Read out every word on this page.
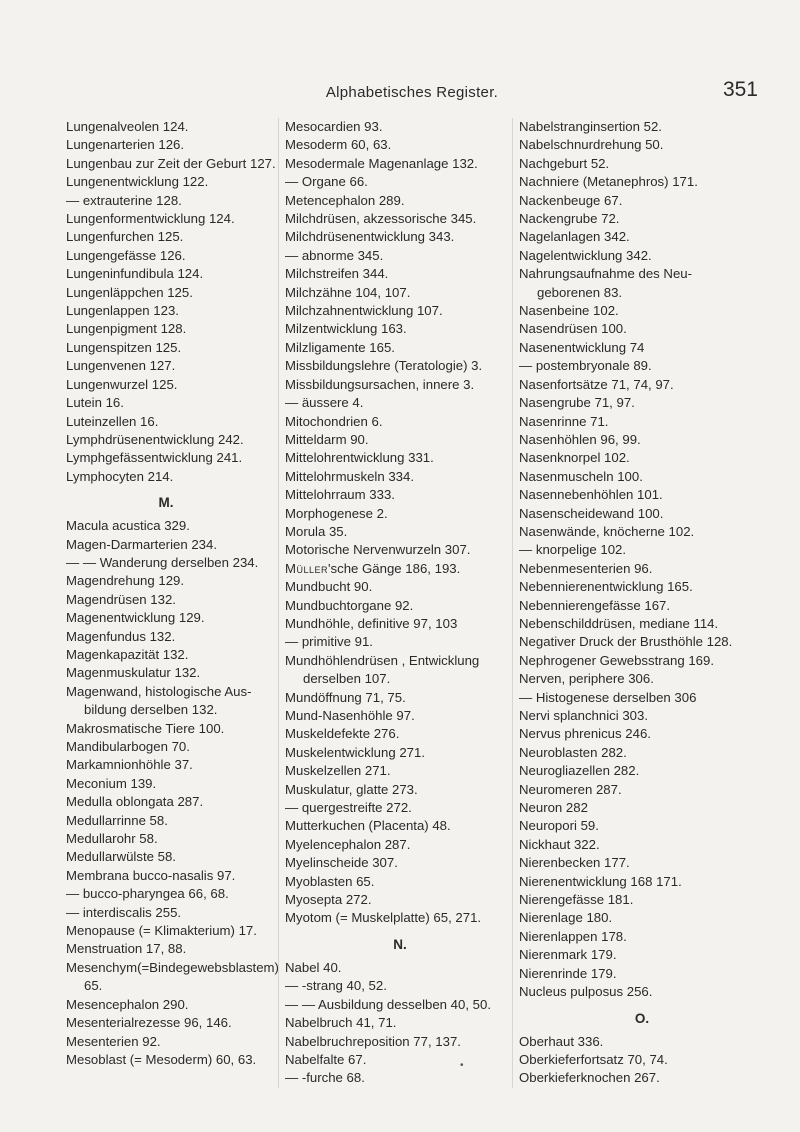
Alphabetisches Register.	351
Lungenalveolen 124.
Lungenarterien 126.
Lungenbau zur Zeit der Geburt 127.
Lungenentwicklung 122.
— extrauterine 128.
Lungenformentwicklung 124.
Lungenfurchen 125.
Lungengefässe 126.
Lungeninfundibula 124.
Lungenläppchen 125.
Lungenlappen 123.
Lungenpigment 128.
Lungenspitzen 125.
Lungenvenen 127.
Lungenwurzel 125.
Lutein 16.
Luteinzellen 16.
Lymphdrüsenentwicklung 242.
Lymphgefässentwicklung 241.
Lymphocyten 214.
M.
Macula acustica 329.
Magen-Darmarterien 234.
— — Wanderung derselben 234.
Magendrehung 129.
Magendrüsen 132.
Magenentwicklung 129.
Magenfundus 132.
Magenkapazität 132.
Magenmuskulatur 132.
Magenwand, histologische Aus-
bildung derselben 132.
Makrosmatische Tiere 100.
Mandibularbogen 70.
Markamnionhöhle 37.
Meconium 139.
Medulla oblongata 287.
Medullarrinne 58.
Medullarohr 58.
Medullarwülste 58.
Membrana bucco-nasalis 97.
— bucco-pharyngea 66, 68.
— interdiscalis 255.
Menopause (= Klimakterium) 17.
Menstruation 17, 88.
Mesenchym(=Bindegewebsblastem)
65.
Mesencephalon 290.
Mesenterialrezesse 96, 146.
Mesenterien 92.
Mesoblast (= Mesoderm) 60, 63.
Mesocardien 93.
Mesoderm 60, 63.
Mesodermale Magenanlage 132.
— Organe 66.
Metencephalon 289.
Milchdrüsen, akzessorische 345.
Milchdrüsenentwicklung 343.
— abnorme 345.
Milchstreifen 344.
Milchzähne 104, 107.
Milchzahnentwicklung 107.
Milzentwicklung 163.
Milzligamente 165.
Missbildungslehre (Teratologie) 3.
Missbildungsursachen, innere 3.
— äussere 4.
Mitochondrien 6.
Mitteldarm 90.
Mittelohrentwicklung 331.
Mittelohrmuskeln 334.
Mittelohrraum 333.
Morphogenese 2.
Morula 35.
Motorische Nervenwurzeln 307.
Müller'sche Gänge 186, 193.
Mundbucht 90.
Mundbuchtorgane 92.
Mundhöhle, definitive 97, 103
— primitive 91.
Mundhöhlendrüsen , Entwicklung
derselben 107.
Mundöffnung 71, 75.
Mund-Nasenhöhle 97.
Muskeldefekte 276.
Muskelentwicklung 271.
Muskelzellen 271.
Muskulatur, glatte 273.
— quergestreifte 272.
Mutterkuchen (Placenta) 48.
Myelencephalon 287.
Myelinscheide 307.
Myoblasten 65.
Myosepta 272.
Myotom (= Muskelplatte) 65, 271.
N.
Nabel 40.
— -strang 40, 52.
— — Ausbildung desselben 40, 50.
Nabelbruch 41, 71.
Nabelbruchreposition 77, 137.
Nabelfalte 67.
— -furche 68.
Nabelstranginsertion 52.
Nabelschnurdrehung 50.
Nachgeburt 52.
Nachniere (Metanephros) 171.
Nackenbeuge 67.
Nackengrube 72.
Nagelanlagen 342.
Nagelentwicklung 342.
Nahrungsaufnahme des Neu-
geborenen 83.
Nasenbeine 102.
Nasendrüsen 100.
Nasenentwicklung 74
— postembryonale 89.
Nasenfortsätze 71, 74, 97.
Nasengrube 71, 97.
Nasenrinne 71.
Nasenhöhlen 96, 99.
Nasenknorpel 102.
Nasenmuscheln 100.
Nasennebenhöhlen 101.
Nasenscheidewand 100.
Nasenwände, knöcherne 102.
— knorpelige 102.
Nebenmesenterien 96.
Nebennierenentwicklung 165.
Nebennierengefässe 167.
Nebenschilddrüsen, mediane 114.
Negativer Druck der Brusthöhle 128.
Nephrogener Gewebsstrang 169.
Nerven, periphere 306.
— Histogenese derselben 306
Nervi splanchnici 303.
Nervus phrenicus 246.
Neuroblasten 282.
Neurogliazellen 282.
Neuromeren 287.
Neuron 282
Neuropori 59.
Nickhaut 322.
Nierenbecken 177.
Nierenentwicklung 168 171.
Nierengefässe 181.
Nierenlage 180.
Nierenlappen 178.
Nierenmark 179.
Nierenrinde 179.
Nucleus pulposus 256.
O.
Oberhaut 336.
Oberkieferfortsatz 70, 74.
Oberkieferknochen 267.
•
